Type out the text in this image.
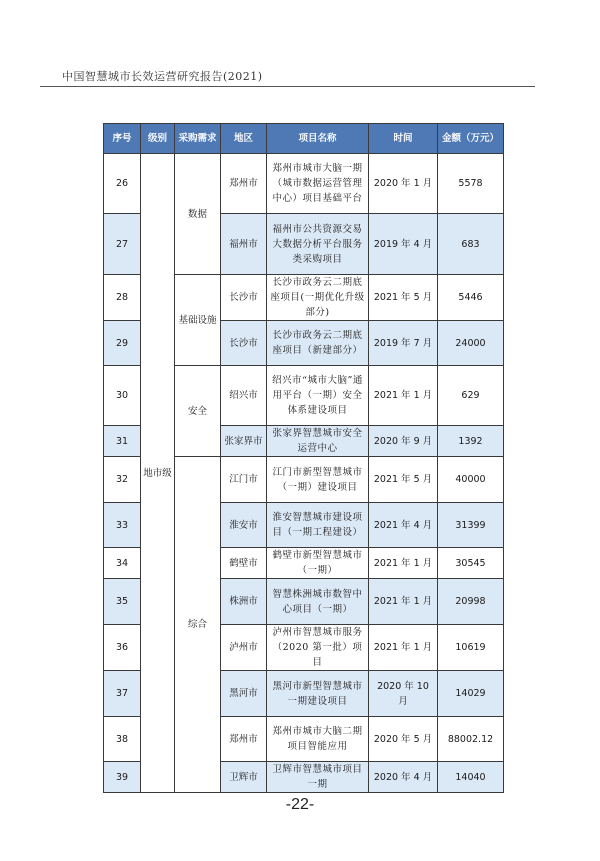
中国智慧城市长效运营研究报告(2021)
序号	级别	采购需求	地区	项目名称	时间	金额（万元）
26	地市级	数据	郑州市	郑州市城市大脑一期（城市数据运营管理中心）项目基础平台	2020 年 1 月	5578
27			福州市	福州市公共资源交易大数据分析平台服务类采购项目	2019 年 4 月	683
28		基础设施	长沙市	长沙市政务云二期底座项目(一期优化升级部分)	2021 年 5 月	5446
29			长沙市	长沙市政务云二期底座项目（新建部分）	2019 年 7 月	24000
30		安全	绍兴市	绍兴市“城市大脑”通用平台（一期）安全体系建设项目	2021 年 1 月	629
31			张家界市	张家界智慧城市安全运营中心	2020 年 9 月	1392
32		综合	江门市	江门市新型智慧城市（一期）建设项目	2021 年 5 月	40000
33			淮安市	淮安智慧城市建设项目（一期工程建设）	2021 年 4 月	31399
34			鹤壁市	鹤壁市新型智慧城市（一期）	2021 年 1 月	30545
35			株洲市	智慧株洲城市数智中心项目（一期）	2021 年 1 月	20998
36			泸州市	泸州市智慧城市服务（2020 第一批）项目	2021 年 1 月	10619
37			黑河市	黑河市新型智慧城市一期建设项目	2020 年 10 月	14029
38			郑州市	郑州市城市大脑二期项目智能应用	2020 年 5 月	88002.12
39			卫辉市	卫辉市智慧城市项目一期	2020 年 4 月	14040
-22-
